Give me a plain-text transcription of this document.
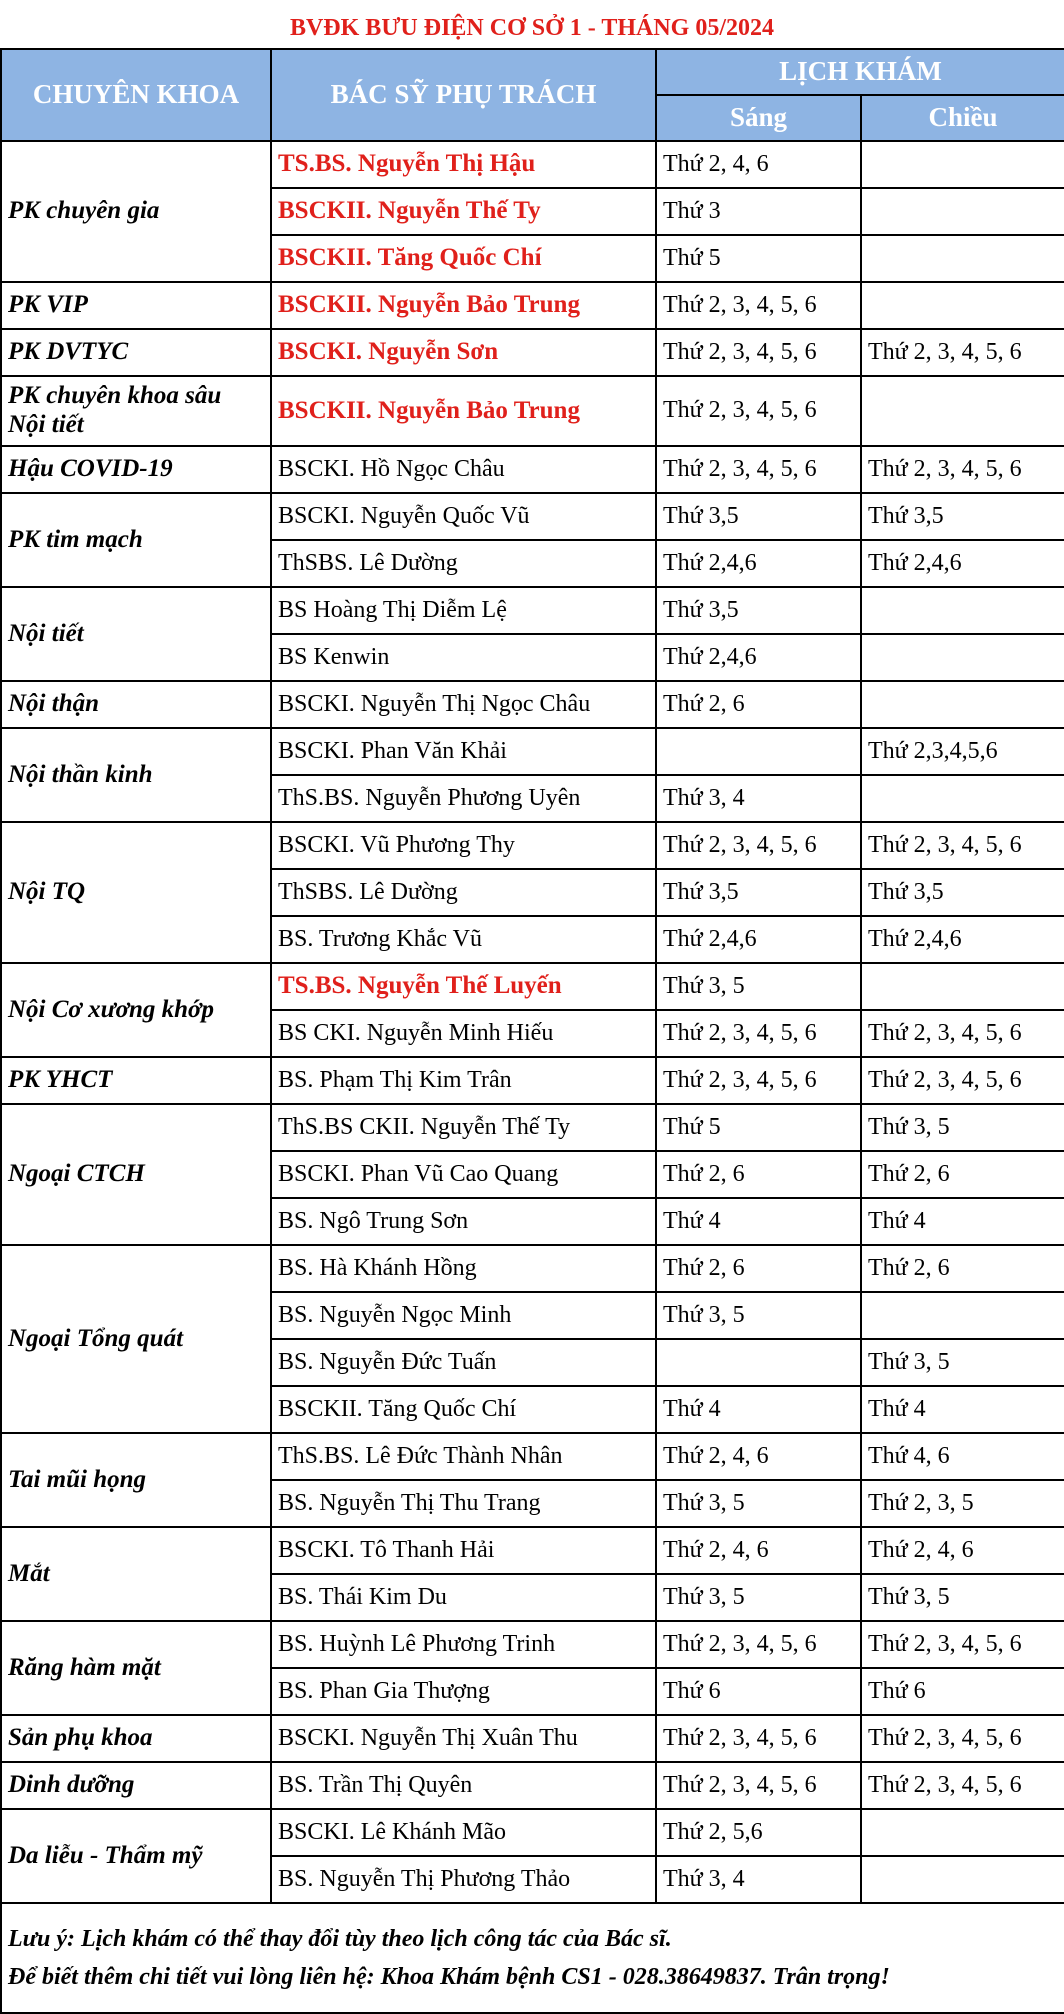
BVĐK BƯU ĐIỆN CƠ SỞ 1 - THÁNG 05/2024
CHUYÊN KHOA	BÁC SỸ PHỤ TRÁCH	LỊCH KHÁM	
		Sáng	Chiều
PK chuyên gia	TS.BS. Nguyễn Thị Hậu	Thứ 2, 4, 6	
	BSCKII. Nguyễn Thế Ty	Thứ 3	
	BSCKII. Tăng Quốc Chí	Thứ 5	
PK VIP	BSCKII. Nguyễn Bảo Trung	Thứ 2, 3, 4, 5, 6	
PK DVTYC	BSCKI. Nguyễn Sơn	Thứ 2, 3, 4, 5, 6	Thứ 2, 3, 4, 5, 6
PK chuyên khoa sâu Nội tiết	BSCKII. Nguyễn Bảo Trung	Thứ 2, 3, 4, 5, 6	
Hậu COVID-19	BSCKI. Hồ Ngọc Châu	Thứ 2, 3, 4, 5, 6	Thứ 2, 3, 4, 5, 6
PK tim mạch	BSCKI. Nguyễn Quốc Vũ	Thứ 3,5	Thứ 3,5
	ThSBS. Lê Dường	Thứ 2,4,6	Thứ 2,4,6
Nội tiết	BS Hoàng Thị Diễm Lệ	Thứ 3,5	
	BS Kenwin	Thứ 2,4,6	
Nội thận	BSCKI. Nguyễn Thị Ngọc Châu	Thứ 2, 6	
Nội thần kinh	BSCKI. Phan Văn Khải		Thứ 2,3,4,5,6
	ThS.BS. Nguyễn Phương Uyên	Thứ 3, 4	
Nội TQ	BSCKI. Vũ Phương Thy	Thứ 2, 3, 4, 5, 6	Thứ 2, 3, 4, 5, 6
	ThSBS. Lê Dường	Thứ 3,5	Thứ 3,5
	BS. Trương Khắc Vũ	Thứ 2,4,6	Thứ 2,4,6
Nội Cơ xương khớp	TS.BS. Nguyễn Thế Luyến	Thứ 3, 5	
	BS CKI. Nguyễn Minh Hiếu	Thứ 2, 3, 4, 5, 6	Thứ 2, 3, 4, 5, 6
PK YHCT	BS. Phạm Thị Kim Trân	Thứ 2, 3, 4, 5, 6	Thứ 2, 3, 4, 5, 6
Ngoại CTCH	ThS.BS CKII. Nguyễn Thế Ty	Thứ 5	Thứ 3, 5
	BSCKI. Phan Vũ Cao Quang	Thứ 2, 6	Thứ 2, 6
	BS. Ngô Trung Sơn	Thứ 4	Thứ 4
Ngoại Tổng quát	BS. Hà Khánh Hồng	Thứ 2, 6	Thứ 2, 6
	BS. Nguyễn Ngọc Minh	Thứ 3, 5	
	BS. Nguyễn Đức Tuấn		Thứ 3, 5
	BSCKII. Tăng Quốc Chí	Thứ 4	Thứ 4
Tai mũi họng	ThS.BS. Lê Đức Thành Nhân	Thứ 2, 4, 6	Thứ 4, 6
	BS. Nguyễn Thị Thu Trang	Thứ 3, 5	Thứ 2, 3, 5
Mắt	BSCKI. Tô Thanh Hải	Thứ 2, 4, 6	Thứ 2, 4, 6
	BS. Thái Kim Du	Thứ 3, 5	Thứ 3, 5
Răng hàm mặt	BS. Huỳnh Lê Phương Trinh	Thứ 2, 3, 4, 5, 6	Thứ 2, 3, 4, 5, 6
	BS. Phan Gia Thượng	Thứ 6	Thứ 6
Sản phụ khoa	BSCKI. Nguyễn Thị Xuân Thu	Thứ 2, 3, 4, 5, 6	Thứ 2, 3, 4, 5, 6
Dinh dưỡng	BS. Trần Thị Quyên	Thứ 2, 3, 4, 5, 6	Thứ 2, 3, 4, 5, 6
Da liễu - Thẩm mỹ	BSCKI. Lê Khánh Mão	Thứ 2, 5,6	
	BS. Nguyễn Thị Phương Thảo	Thứ 3, 4	

Lưu ý: Lịch khám có thể thay đổi tùy theo lịch công tác của Bác sĩ.
Để biết thêm chi tiết vui lòng liên hệ: Khoa Khám bệnh CS1 - 028.38649837. Trân trọng!			
